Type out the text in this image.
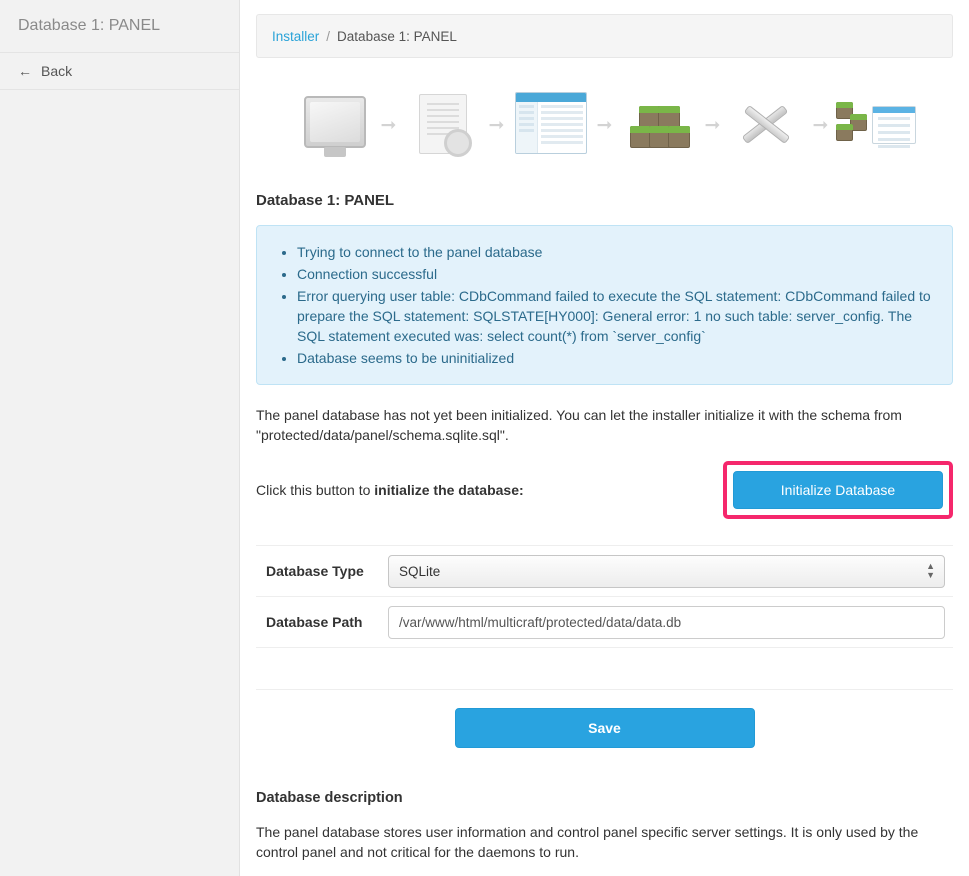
Database 1: PANEL
← Back
Installer / Database 1: PANEL
➞	➞	➞	➞	➞
Database 1: PANEL
• Trying to connect to the panel database
• Connection successful
• Error querying user table: CDbCommand failed to execute the SQL statement: CDbCommand failed to prepare the SQL statement: SQLSTATE[HY000]: General error: 1 no such table: server_config. The SQL statement executed was: select count(*) from `server_config`
• Database seems to be uninitialized

The panel database has not yet been initialized. You can let the installer initialize it with the schema from "protected/data/panel/schema.sqlite.sql".

Click this button to initialize the database:	Initialize Database
Database Type
SQLite	▲
▼
Database Path
/var/www/html/multicraft/protected/data/data.db
Save
Database description

The panel database stores user information and control panel specific server settings. It is only used by the control panel and not critical for the daemons to run.
